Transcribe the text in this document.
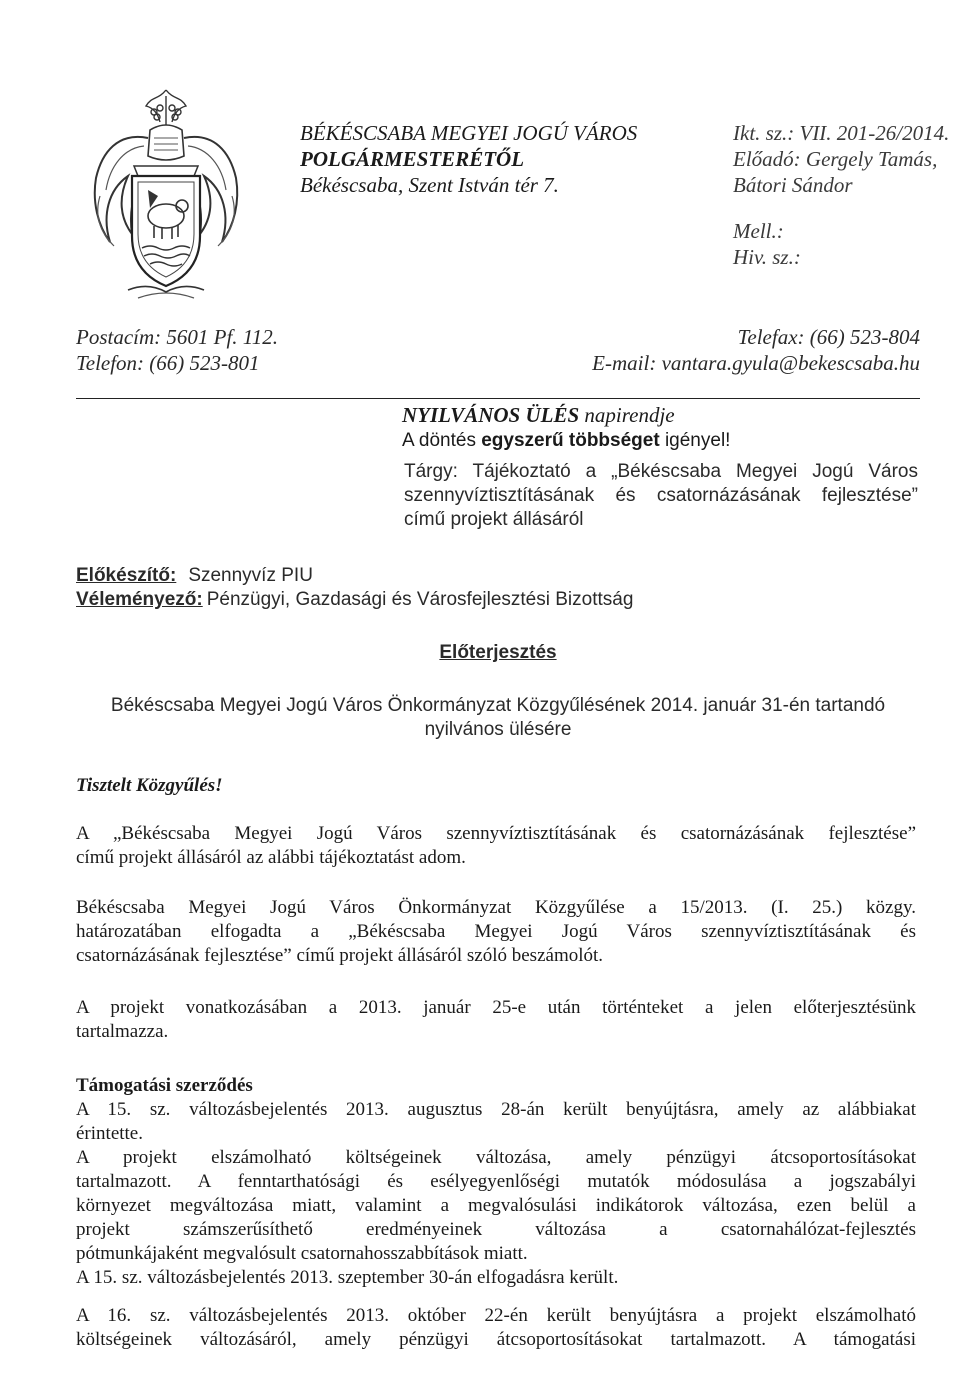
BÉKÉSCSABA MEGYEI JOGÚ VÁROS
POLGÁRMESTERÉTŐL
Békéscsaba, Szent István tér 7.
Ikt. sz.: VII. 201-26/2014.
Előadó: Gergely Tamás,
Bátori Sándor
Mell.:
Hiv. sz.:
Postacím: 5601 Pf. 112.
Telefon: (66) 523-801
Telefax: (66) 523-804
E-mail: vantara.gyula@bekescsaba.hu
NYILVÁNOS ÜLÉS napirendje
A döntés egyszerű többséget igényel!
Tárgy: Tájékoztató a „Békéscsaba Megyei Jogú Város
szennyvíztisztításának és csatornázásának fejlesztése”
című projekt állásáról
Előkészítő: Szennyvíz PIU
Véleményező: Pénzügyi, Gazdasági és Városfejlesztési Bizottság
Előterjesztés
Békéscsaba Megyei Jogú Város Önkormányzat Közgyűlésének 2014. január 31-én tartandó
nyilvános ülésére
Tisztelt Közgyűlés!
A „Békéscsaba Megyei Jogú Város szennyvíztisztításának és csatornázásának fejlesztése”
című projekt állásáról az alábbi tájékoztatást adom.
Békéscsaba Megyei Jogú Város Önkormányzat Közgyűlése a 15/2013. (I. 25.) közgy.
határozatában elfogadta a „Békéscsaba Megyei Jogú Város szennyvíztisztításának és
csatornázásának fejlesztése” című projekt állásáról szóló beszámolót.
A projekt vonatkozásában a 2013. január 25-e után történteket a jelen előterjesztésünk
tartalmazza.
Támogatási szerződés
A 15. sz. változásbejelentés 2013. augusztus 28-án került benyújtásra, amely az alábbiakat
érintette.
A projekt elszámolható költségeinek változása, amely pénzügyi átcsoportosításokat
tartalmazott. A fenntarthatósági és esélyegyenlőségi mutatók módosulása a jogszabályi
környezet megváltozása miatt, valamint a megvalósulási indikátorok változása, ezen belül a
projekt számszerűsíthető eredményeinek változása a csatornahálózat-fejlesztés
pótmunkájaként megvalósult csatornahosszabbítások miatt.
A 15. sz. változásbejelentés 2013. szeptember 30-án elfogadásra került.
A 16. sz. változásbejelentés 2013. október 22-én került benyújtásra a projekt elszámolható
költségeinek változásáról, amely pénzügyi átcsoportosításokat tartalmazott. A támogatási
